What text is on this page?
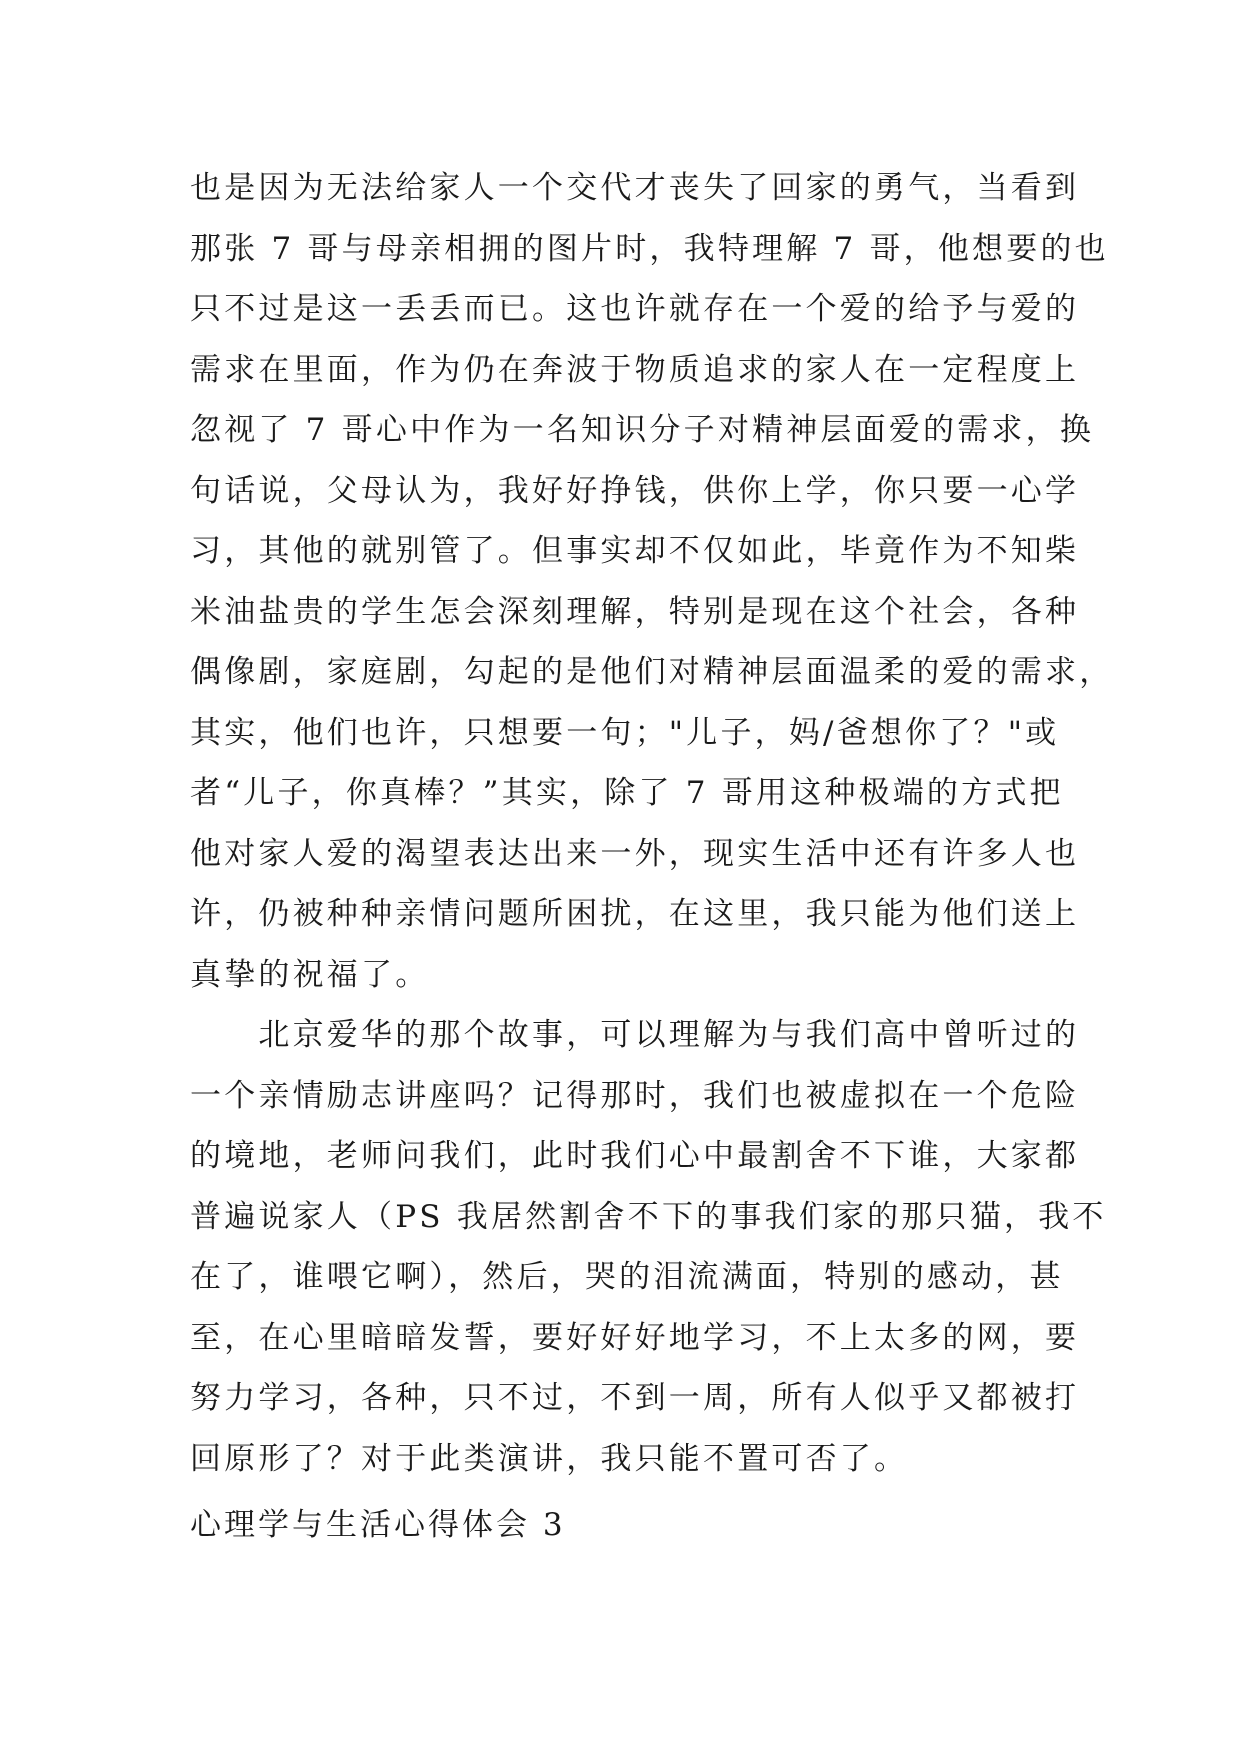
也是因为无法给家人一个交代才丧失了回家的勇气，当看到
那张 7 哥与母亲相拥的图片时，我特理解 7 哥，他想要的也
只不过是这一丢丢而已。这也许就存在一个爱的给予与爱的
需求在里面，作为仍在奔波于物质追求的家人在一定程度上
忽视了 7 哥心中作为一名知识分子对精神层面爱的需求，换
句话说，父母认为，我好好挣钱，供你上学，你只要一心学
习，其他的就别管了。但事实却不仅如此，毕竟作为不知柴
米油盐贵的学生怎会深刻理解，特别是现在这个社会，各种
偶像剧，家庭剧，勾起的是他们对精神层面温柔的爱的需求，
其实，他们也许，只想要一句；"儿子，妈/爸想你了？"或
者“儿子，你真棒？”其实，除了 7 哥用这种极端的方式把
他对家人爱的渴望表达出来一外，现实生活中还有许多人也
许，仍被种种亲情问题所困扰，在这里，我只能为他们送上
真挚的祝福了。
　　北京爱华的那个故事，可以理解为与我们高中曾听过的
一个亲情励志讲座吗？记得那时，我们也被虚拟在一个危险
的境地，老师问我们，此时我们心中最割舍不下谁，大家都
普遍说家人（PS 我居然割舍不下的事我们家的那只猫，我不
在了，谁喂它啊），然后，哭的泪流满面，特别的感动，甚
至，在心里暗暗发誓，要好好好地学习，不上太多的网，要
努力学习，各种，只不过，不到一周，所有人似乎又都被打
回原形了？对于此类演讲，我只能不置可否了。
心理学与生活心得体会 3
